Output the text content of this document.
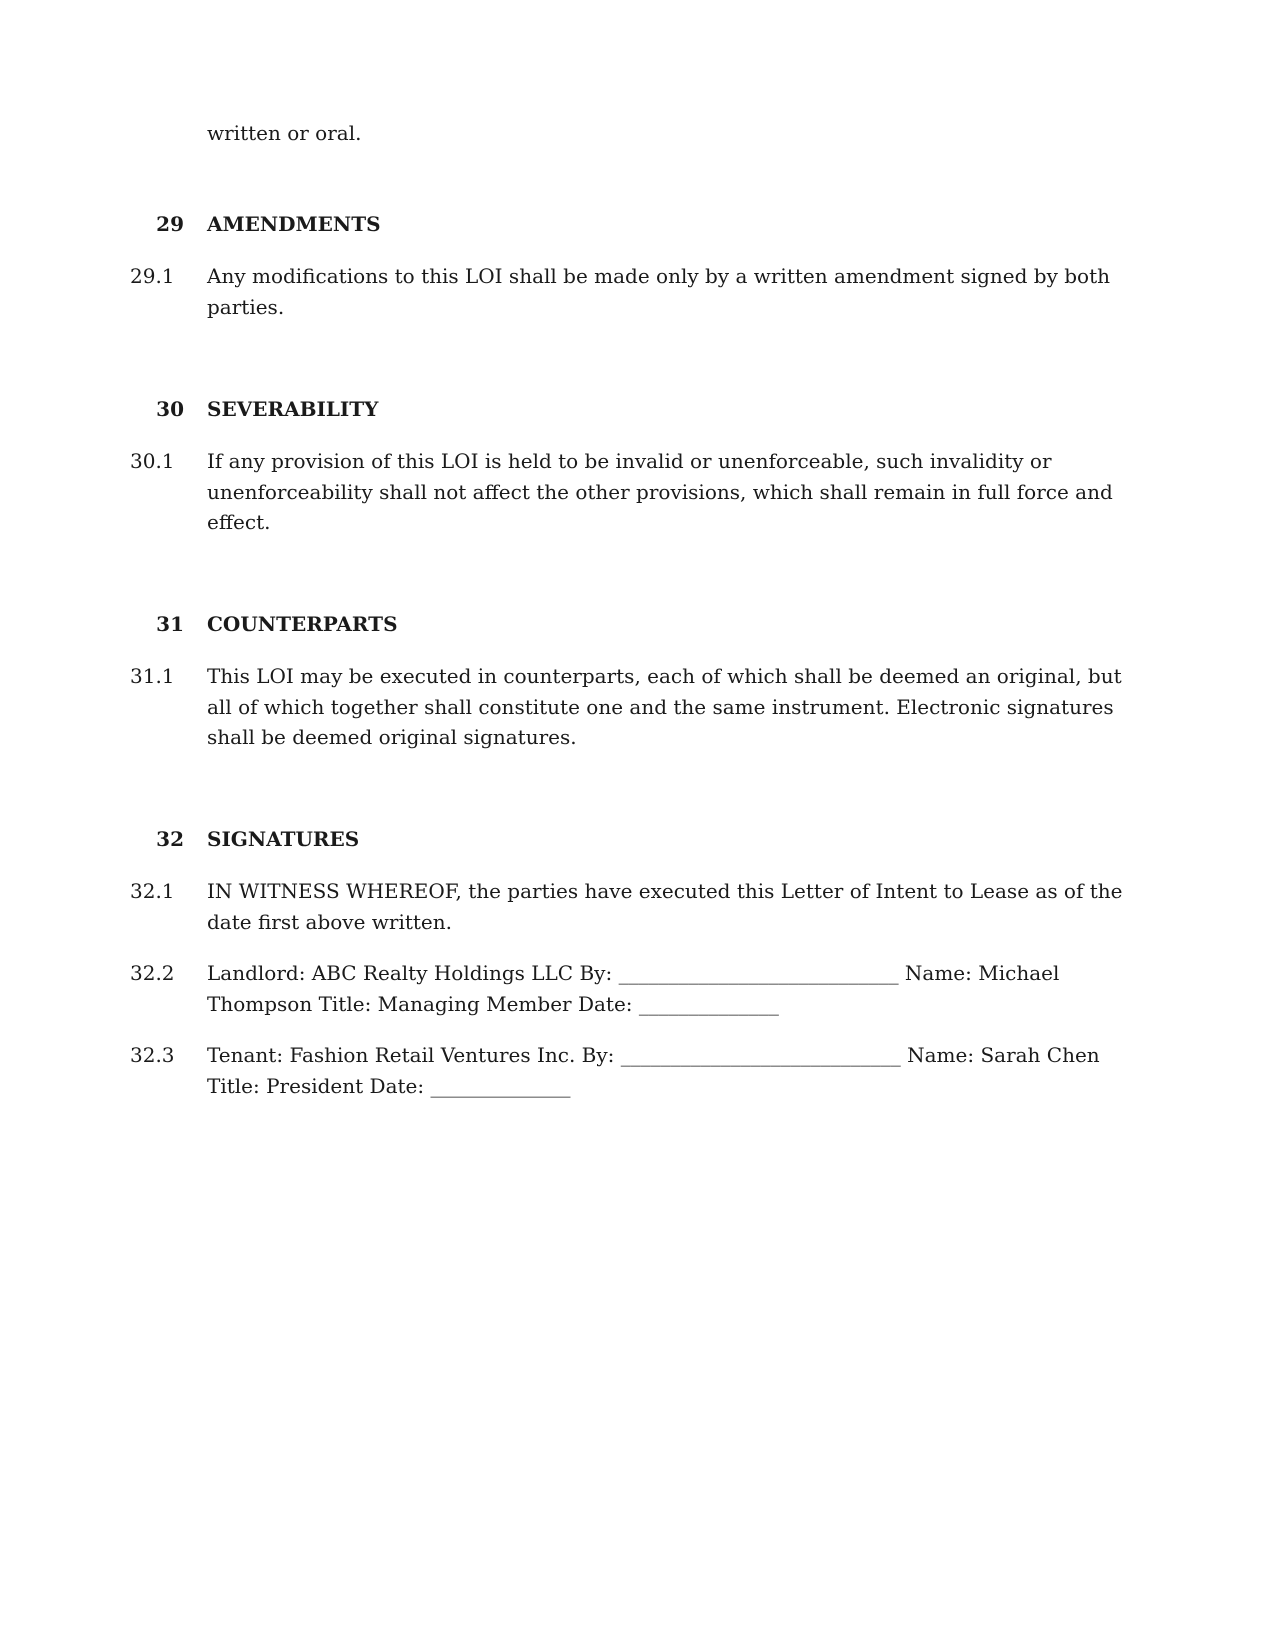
written or oral.
29 AMENDMENTS
29.1	Any modifications to this LOI shall be made only by a written amendment signed by both parties.
30 SEVERABILITY
30.1	If any provision of this LOI is held to be invalid or unenforceable, such invalidity or unenforceability shall not affect the other provisions, which shall remain in full force and effect.
31 COUNTERPARTS
31.1	This LOI may be executed in counterparts, each of which shall be deemed an original, but all of which together shall constitute one and the same instrument. Electronic signatures shall be deemed original signatures.
32 SIGNATURES
32.1	IN WITNESS WHEREOF, the parties have executed this Letter of Intent to Lease as of the date first above written.
32.2	Landlord: ABC Realty Holdings LLC By: ____________________________ Name: Michael Thompson Title: Managing Member Date: ______________
32.3	Tenant: Fashion Retail Ventures Inc. By: ____________________________ Name: Sarah Chen Title: President Date: ______________
